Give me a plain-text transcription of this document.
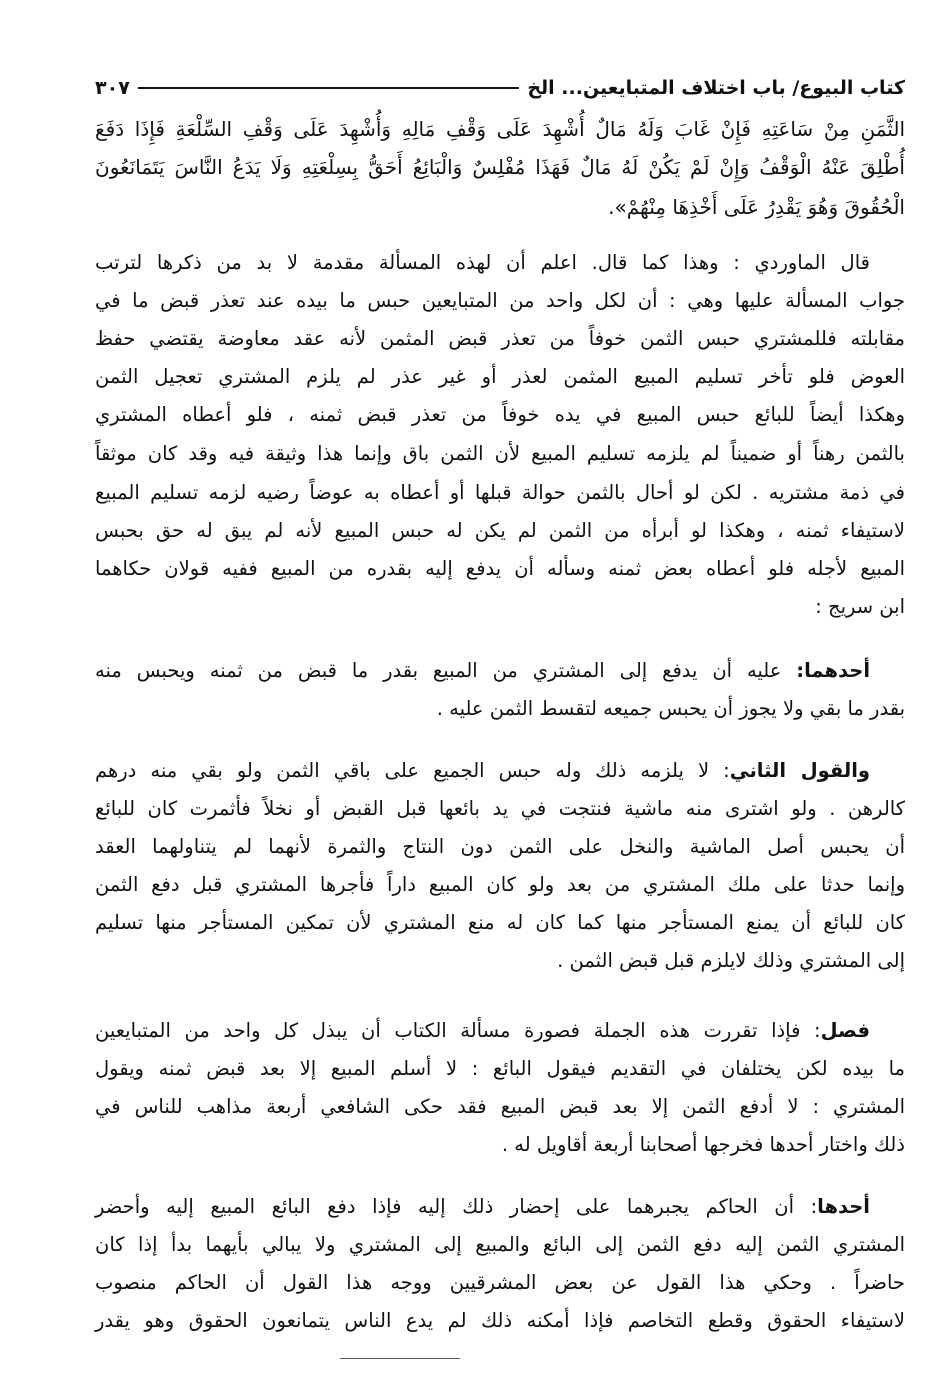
كتاب البيوع/ باب اختلاف المتبايعين... الخ
٣٠٧
الثَّمَنِ مِنْ سَاعَتِهِ فَإِنْ غَابَ وَلَهُ مَالٌ أُشْهِدَ عَلَى وَقْفِ مَالِهِ وَأُشْهِدَ عَلَى وَقْفِ السِّلْعَةِ فَإِذَا دَفَعَ
أُطْلِقَ عَنْهُ الْوَقْفُ وَإِنْ لَمْ يَكُنْ لَهُ مَالٌ فَهَذَا مُفْلِسٌ وَالْبَائِعُ أَحَقُّ بِسِلْعَتِهِ وَلَا يَدَعُ النَّاسَ يَتَمَانَعُونَ
الْحُقُوقَ وَهُوَ يَقْدِرُ عَلَى أَخْذِهَا مِنْهُمْ».
قال الماوردي : وهذا كما قال. اعلم أن لهذه المسألة مقدمة لا بد من ذكرها لترتب
جواب المسألة عليها وهي : أن لكل واحد من المتبايعين حبس ما بيده عند تعذر قبض ما في
مقابلته فللمشتري حبس الثمن خوفاً من تعذر قبض المثمن لأنه عقد معاوضة يقتضي حفظ
العوض فلو تأخر تسليم المبيع المثمن لعذر أو غير عذر لم يلزم المشتري تعجيل الثمن
وهكذا أيضاً للبائع حبس المبيع في يده خوفاً من تعذر قبض ثمنه ، فلو أعطاه المشتري
بالثمن رهناً أو ضميناً لم يلزمه تسليم المبيع لأن الثمن باق وإنما هذا وثيقة فيه وقد كان موثقاً
في ذمة مشتريه . لكن لو أحال بالثمن حوالة قبلها أو أعطاه به عوضاً رضيه لزمه تسليم المبيع
لاستيفاء ثمنه ، وهكذا لو أبرأه من الثمن لم يكن له حبس المبيع لأنه لم يبق له حق بحبس
المبيع لأجله فلو أعطاه بعض ثمنه وسأله أن يدفع إليه بقدره من المبيع ففيه قولان حكاهما
ابن سريج :
أحدهما: عليه أن يدفع إلى المشتري من المبيع بقدر ما قبض من ثمنه ويحبس منه
بقدر ما بقي ولا يجوز أن يحبس جميعه لتقسط الثمن عليه .
والقول الثاني: لا يلزمه ذلك وله حبس الجميع على باقي الثمن ولو بقي منه درهم
كالرهن . ولو اشترى منه ماشية فنتجت في يد بائعها قبل القبض أو نخلاً فأثمرت كان للبائع
أن يحبس أصل الماشية والنخل على الثمن دون النتاج والثمرة لأنهما لم يتناولهما العقد
وإنما حدثا على ملك المشتري من بعد ولو كان المبيع داراً فأجرها المشتري قبل دفع الثمن
كان للبائع أن يمنع المستأجر منها كما كان له منع المشتري لأن تمكين المستأجر منها تسليم
إلى المشتري وذلك لايلزم قبل قبض الثمن .
فصل: فإذا تقررت هذه الجملة فصورة مسألة الكتاب أن يبذل كل واحد من المتبايعين
ما بيده لكن يختلفان في التقديم فيقول البائع : لا أسلم المبيع إلا بعد قبض ثمنه ويقول
المشتري : لا أدفع الثمن إلا بعد قبض المبيع فقد حكى الشافعي أربعة مذاهب للناس في
ذلك واختار أحدها فخرجها أصحابنا أربعة أقاويل له .
أحدها: أن الحاكم يجبرهما على إحضار ذلك إليه فإذا دفع البائع المبيع إليه وأحضر
المشتري الثمن إليه دفع الثمن إلى البائع والمبيع إلى المشتري ولا يبالي بأيهما بدأ إذا كان
حاضراً . وحكي هذا القول عن بعض المشرقيين ووجه هذا القول أن الحاكم منصوب
لاستيفاء الحقوق وقطع التخاصم فإذا أمكنه ذلك لم يدع الناس يتمانعون الحقوق وهو يقدر
